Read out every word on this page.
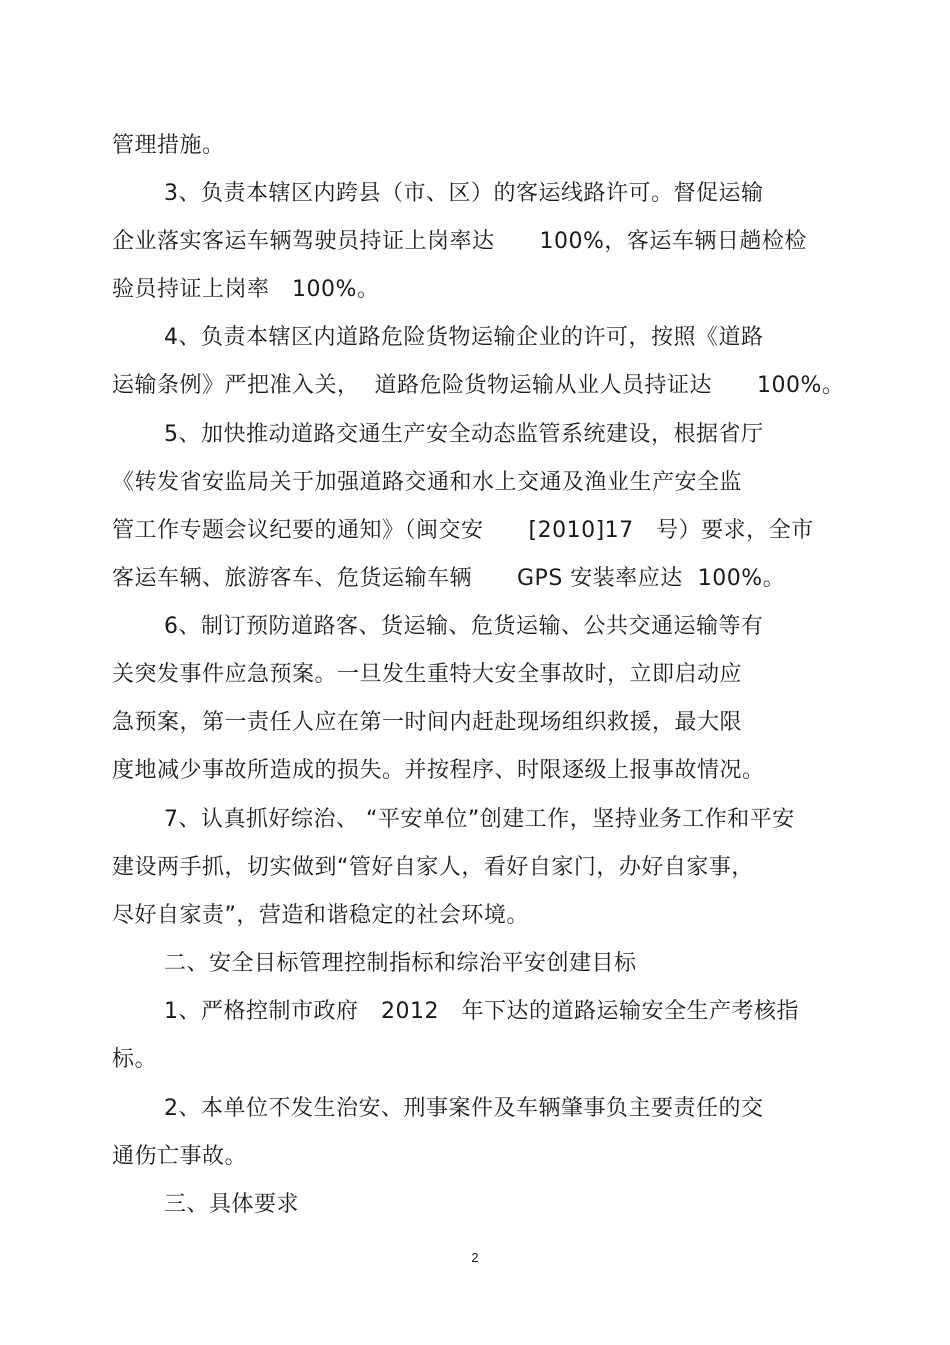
管理措施。
3、负责本辖区内跨县（市、区）的客运线路许可。督促运输
企业落实客运车辆驾驶员持证上岗率达　　100%，客运车辆日趟检检
验员持证上岗率　100%。
4、负责本辖区内道路危险货物运输企业的许可，按照《道路
运输条例》严把准入关，  道路危险货物运输从业人员持证达　　100%。
5、加快推动道路交通生产安全动态监管系统建设，根据省厅
《转发省安监局关于加强道路交通和水上交通及渔业生产安全监
管工作专题会议纪要的通知》（闽交安　　[2010]17　号）要求，全市
客运车辆、旅游客车、危货运输车辆　　GPS 安装率应达  100%。
6、制订预防道路客、货运输、危货运输、公共交通运输等有
关突发事件应急预案。一旦发生重特大安全事故时，立即启动应
急预案，第一责任人应在第一时间内赶赴现场组织救援，最大限
度地减少事故所造成的损失。并按程序、时限逐级上报事故情况。
7、认真抓好综治、 “平安单位”创建工作，坚持业务工作和平安
建设两手抓，切实做到“管好自家人，看好自家门，办好自家事，
尽好自家责”，营造和谐稳定的社会环境。
二、安全目标管理控制指标和综治平安创建目标
1、严格控制市政府　2012　年下达的道路运输安全生产考核指
标。
2、本单位不发生治安、刑事案件及车辆肇事负主要责任的交
通伤亡事故。
三、具体要求
2
